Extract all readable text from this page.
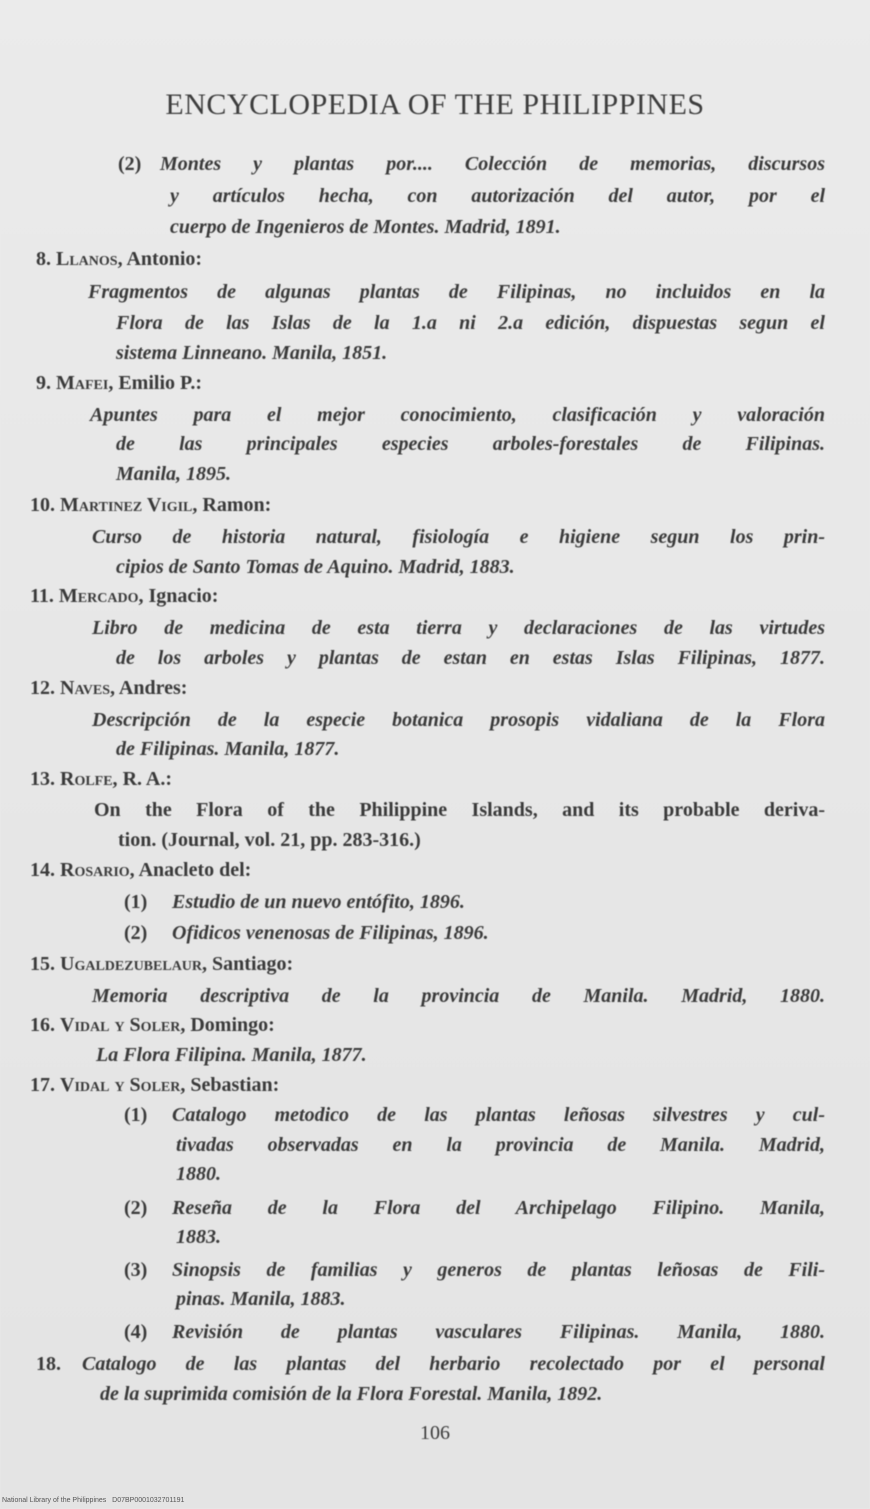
ENCYCLOPEDIA OF THE PHILIPPINES

(2) Montes y plantas por.... Colección de memorias, discursos

y artículos hecha, con autorización del autor, por el

cuerpo de Ingenieros de Montes. Madrid, 1891.

8. Llanos, Antonio:

Fragmentos de algunas plantas de Filipinas, no incluidos en la

Flora de las Islas de la 1.a ni 2.a edición, dispuestas segun el

sistema Linneano. Manila, 1851.

9. Mafei, Emilio P.:

Apuntes para el mejor conocimiento, clasificación y valoración

de las principales especies arboles-forestales de Filipinas.

Manila, 1895.

10. Martinez Vigil, Ramon:

Curso de historia natural, fisiología e higiene segun los prin-

cipios de Santo Tomas de Aquino. Madrid, 1883.

11. Mercado, Ignacio:

Libro de medicina de esta tierra y declaraciones de las virtudes

de los arboles y plantas de estan en estas Islas Filipinas, 1877.

12. Naves, Andres:

Descripción de la especie botanica prosopis vidaliana de la Flora

de Filipinas. Manila, 1877.

13. Rolfe, R. A.:

On the Flora of the Philippine Islands, and its probable deriva-

tion. (Journal, vol. 21, pp. 283-316.)

14. Rosario, Anacleto del:

(1) Estudio de un nuevo entófito, 1896.

(2) Ofidicos venenosas de Filipinas, 1896.

15. Ugaldezubelaur, Santiago:

Memoria descriptiva de la provincia de Manila. Madrid, 1880.

16. Vidal y Soler, Domingo:

La Flora Filipina. Manila, 1877.

17. Vidal y Soler, Sebastian:

(1) Catalogo metodico de las plantas leñosas silvestres y cul-

tivadas observadas en la provincia de Manila. Madrid,

1880.

(2) Reseña de la Flora del Archipelago Filipino. Manila,

1883.

(3) Sinopsis de familias y generos de plantas leñosas de Fili-

pinas. Manila, 1883.

(4) Revisión de plantas vasculares Filipinas. Manila, 1880.

18. Catalogo de las plantas del herbario recolectado por el personal

de la suprimida comisión de la Flora Forestal. Manila, 1892.

106
National Library of the Philippines D07BP0001032701191
